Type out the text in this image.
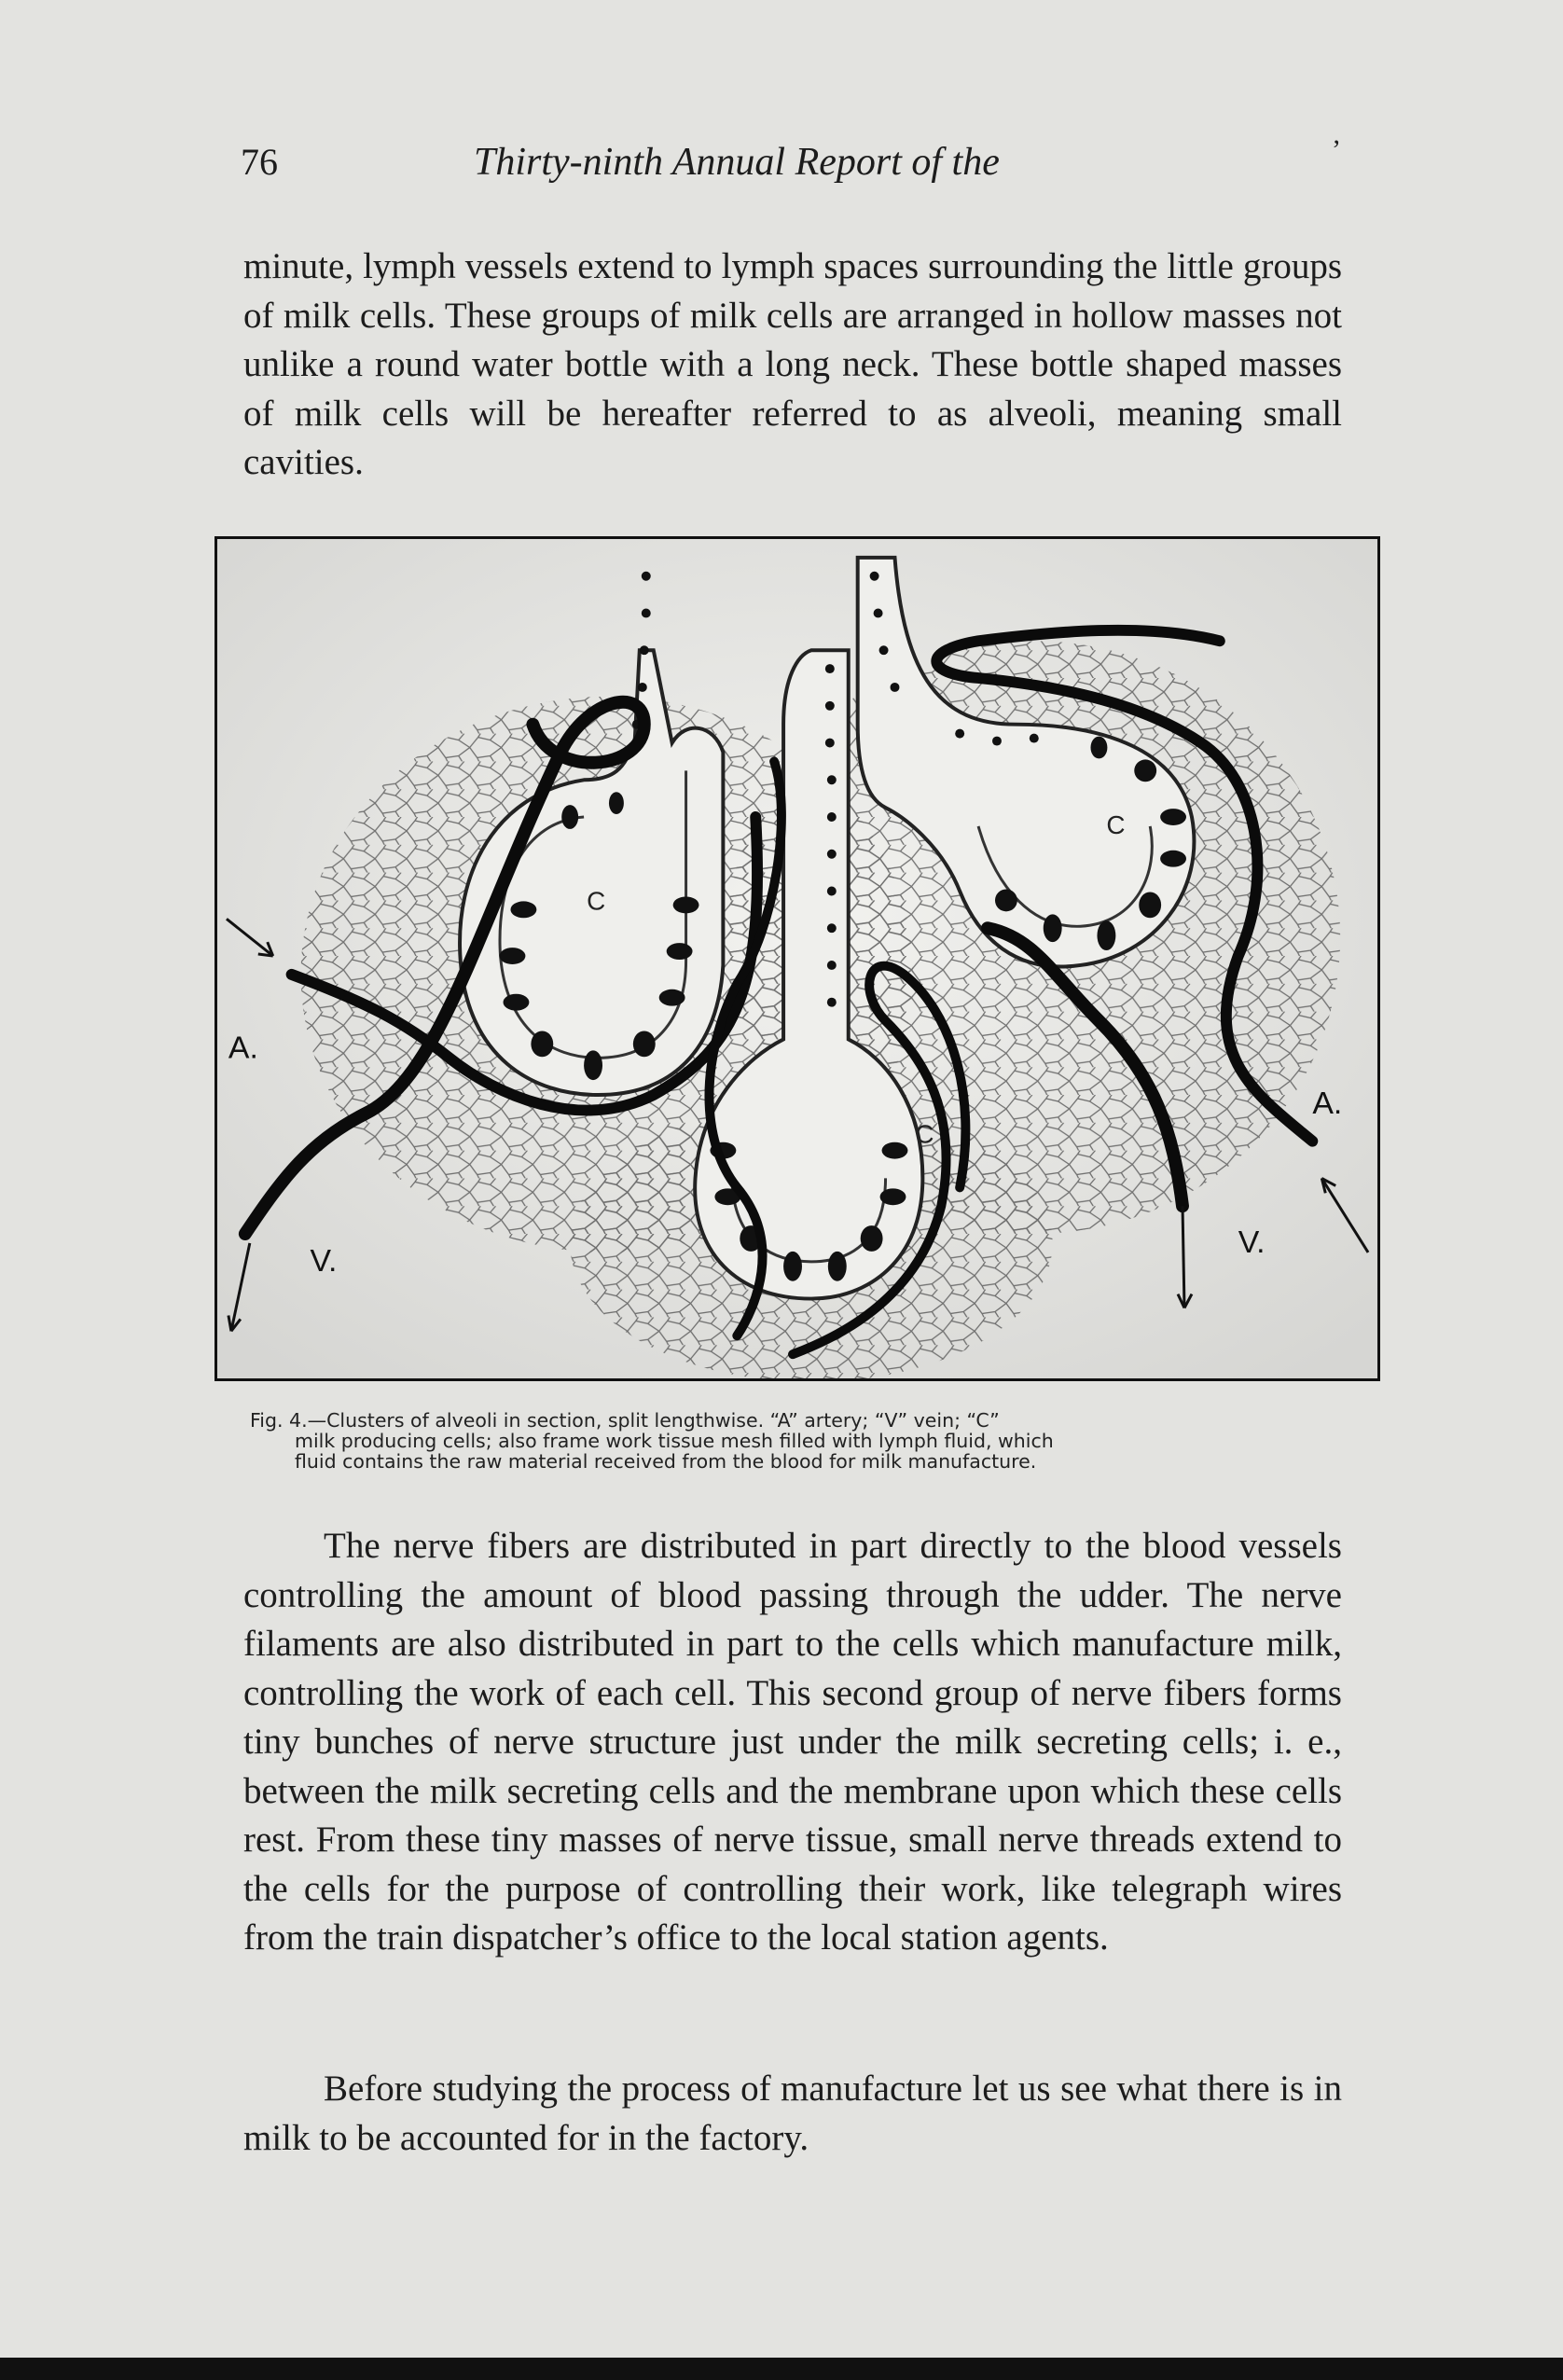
76	Thirty-ninth Annual Report of the	’

minute, lymph vessels extend to lymph spaces surrounding the little groups of milk cells. These groups of milk cells are arranged in hollow masses not unlike a round water bottle with a long neck. These bottle shaped masses of milk cells will be hereafter referred to as alveoli, meaning small cavities.

A.
A.
V.
V.
C
C
C
Fig. 4.—Clusters of alveoli in section, split lengthwise. “A” artery; “V” vein; “C”
milk producing cells; also frame work tissue mesh filled with lymph fluid, which
fluid contains the raw material received from the blood for milk manufacture.

The nerve fibers are distributed in part directly to the blood vessels controlling the amount of blood passing through the udder. The nerve filaments are also distributed in part to the cells which manufacture milk, controlling the work of each cell. This second group of nerve fibers forms tiny bunches of nerve structure just under the milk secreting cells; i. e., between the milk secreting cells and the membrane upon which these cells rest. From these tiny masses of nerve tissue, small nerve threads extend to the cells for the purpose of controlling their work, like telegraph wires from the train dispatcher’s office to the local station agents.

Before studying the process of manufacture let us see what there is in milk to be accounted for in the factory.
